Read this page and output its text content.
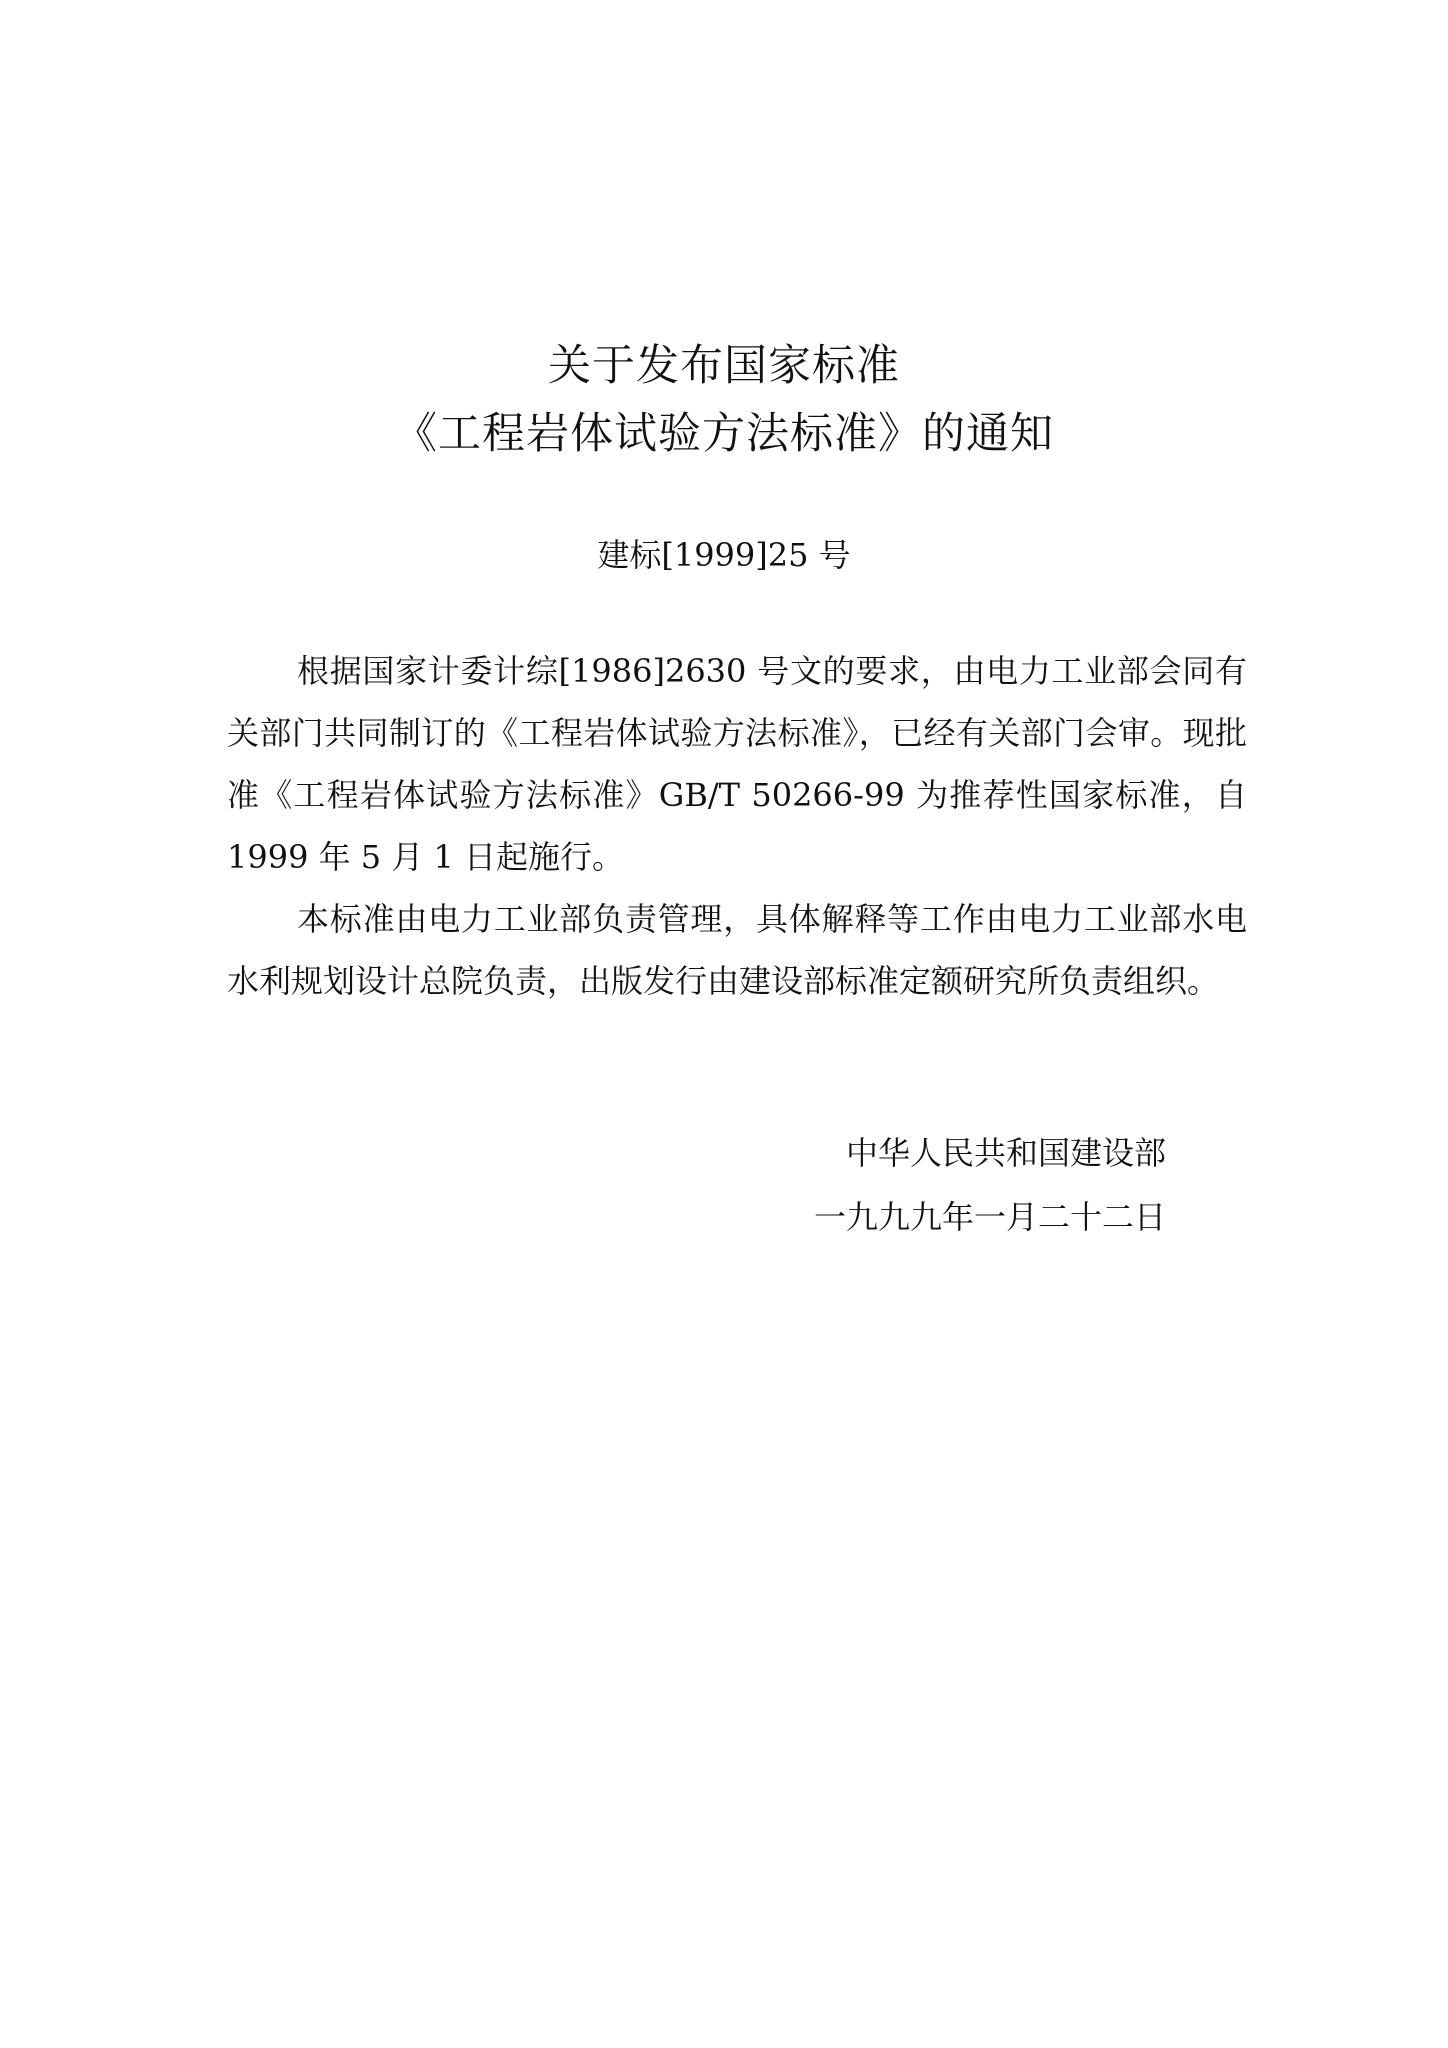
关于发布国家标准
《工程岩体试验方法标准》的通知
建标[1999]25 号

根据国家计委计综[1986]2630 号文的要求，由电力工业部会同有关部门共同制订的《工程岩体试验方法标准》，已经有关部门会审。现批准《工程岩体试验方法标准》GB/T 50266-99 为推荐性国家标准，自 1999 年 5 月 1 日起施行。

本标准由电力工业部负责管理，具体解释等工作由电力工业部水电水利规划设计总院负责，出版发行由建设部标准定额研究所负责组织。

中华人民共和国建设部
一九九九年一月二十二日
